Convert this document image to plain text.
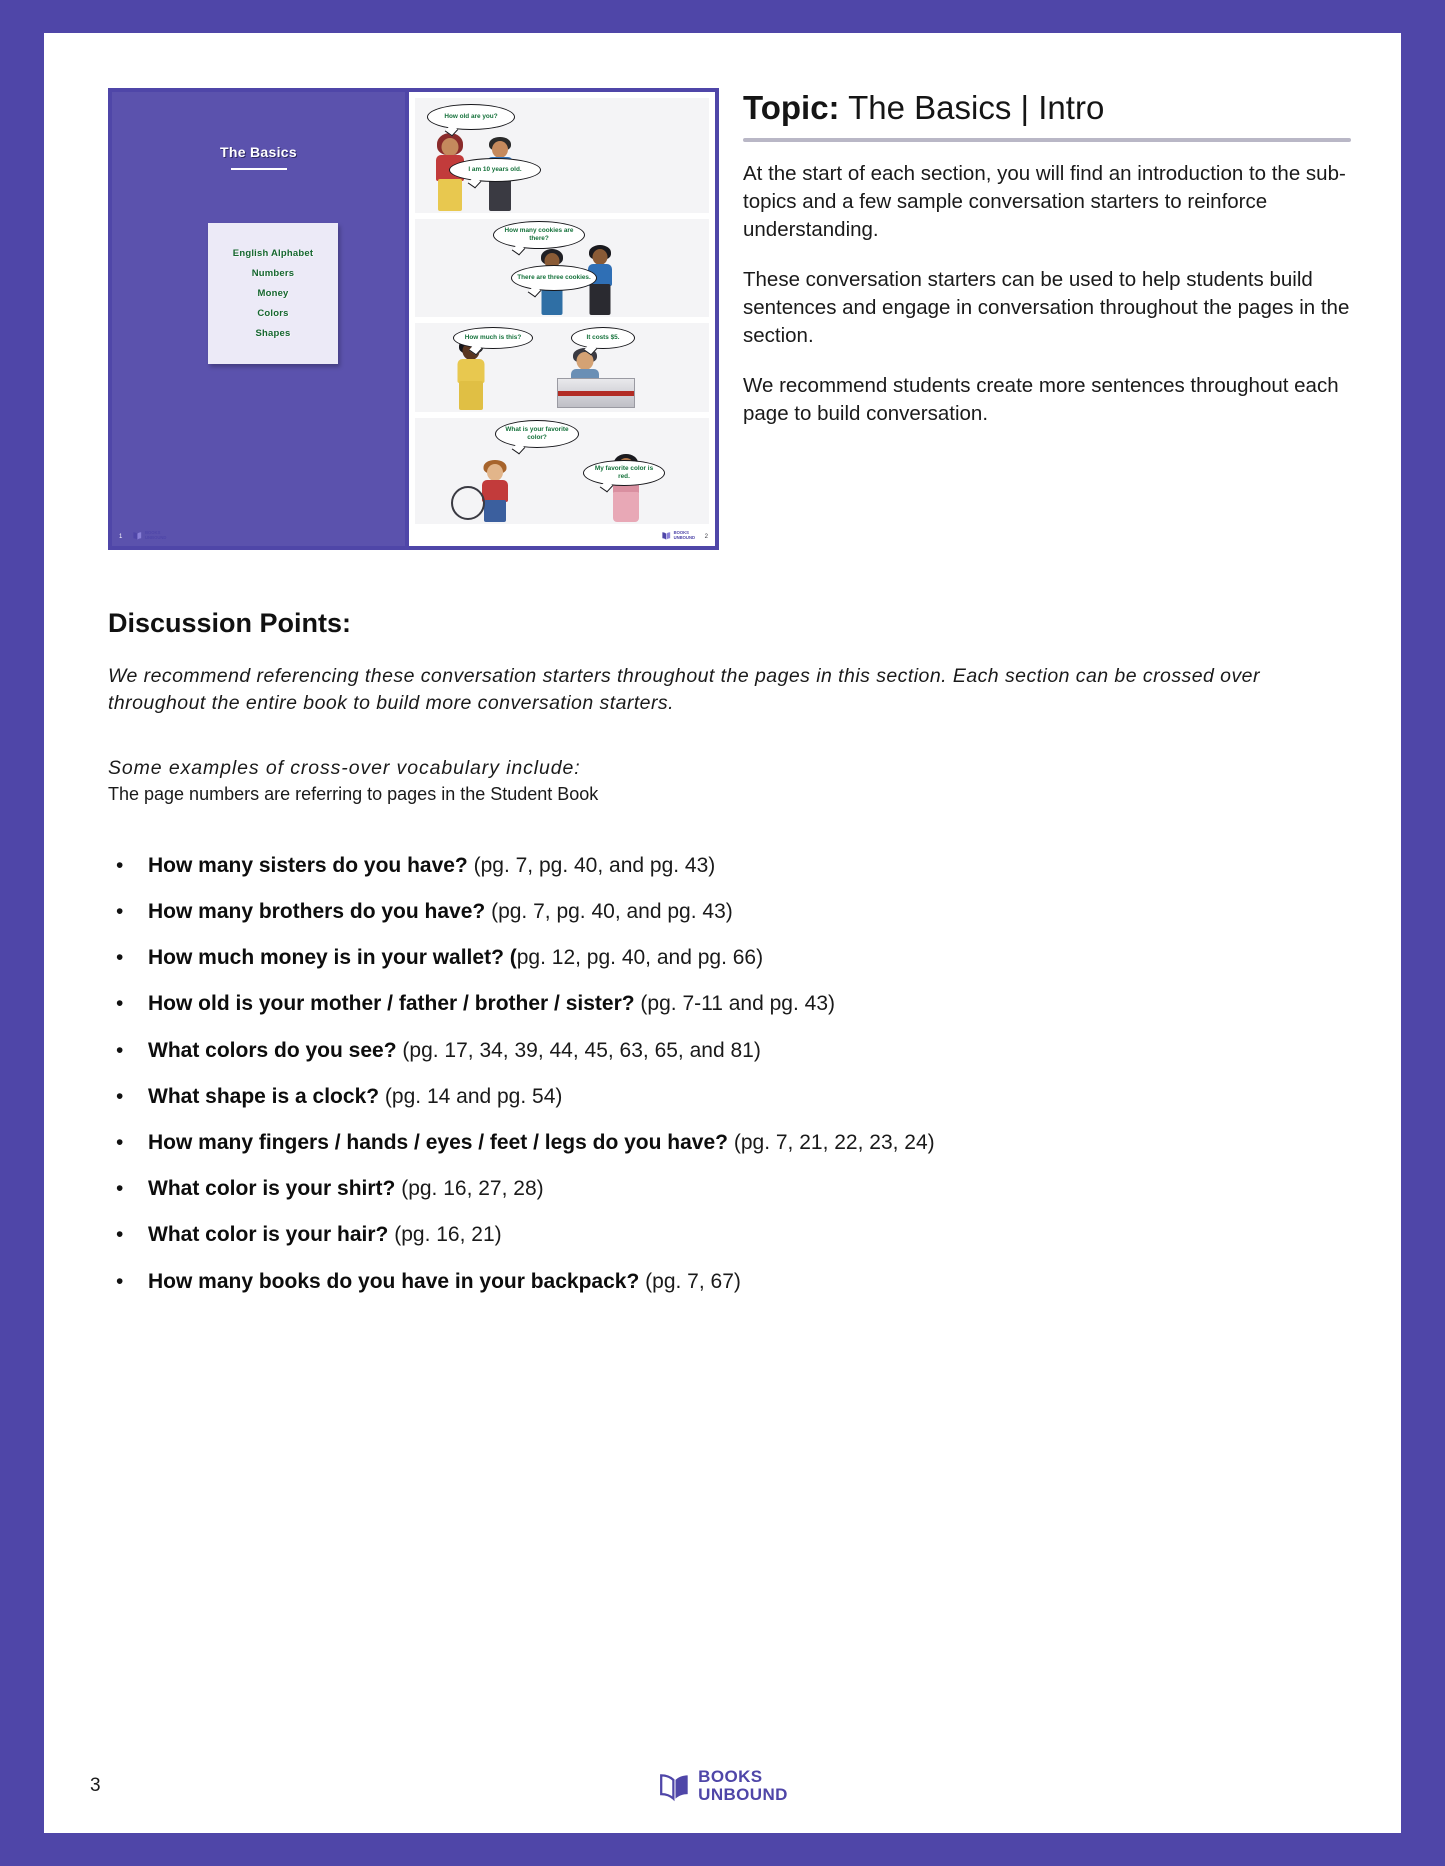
The Basics
English Alphabet
Numbers
Money
Colors
Shapes
1
BOOKS
UNBOUND
How old are you?
I am 10 years old.
How many cookies are there?
There are three cookies.
How much is this?	It costs $5.
What is your favorite color?
My favorite color is red.
2
BOOKS
UNBOUND
Topic: The Basics | Intro

At the start of each section, you will find an introduction to the sub-topics and a few sample conversation starters to reinforce understanding.

These conversation starters can be used to help students build sentences and engage in conversation throughout the pages in the section.

We recommend students create more sentences throughout each page to build conversation.

Discussion Points:

We recommend referencing these conversation starters throughout the pages in this section. Each section can be crossed over throughout the entire book to build more conversation starters.

Some examples of cross-over vocabulary include:

The page numbers are referring to pages in the Student Book

•	How many sisters do you have? (pg. 7, pg. 40, and pg. 43)
•	How many brothers do you have? (pg. 7, pg. 40, and pg. 43)
•	How much money is in your wallet? (pg. 12, pg. 40, and pg. 66)
•	How old is your mother / father / brother / sister? (pg. 7-11 and pg. 43)
•	What colors do you see? (pg. 17, 34, 39, 44, 45, 63, 65, and 81)
•	What shape is a clock? (pg. 14 and pg. 54)
•	How many fingers / hands / eyes / feet / legs do you have? (pg. 7, 21, 22, 23, 24)
•	What color is your shirt? (pg. 16, 27, 28)
•	What color is your hair? (pg. 16, 21)
•	How many books do you have in your backpack? (pg. 7, 67)
3	BOOKS
UNBOUND
